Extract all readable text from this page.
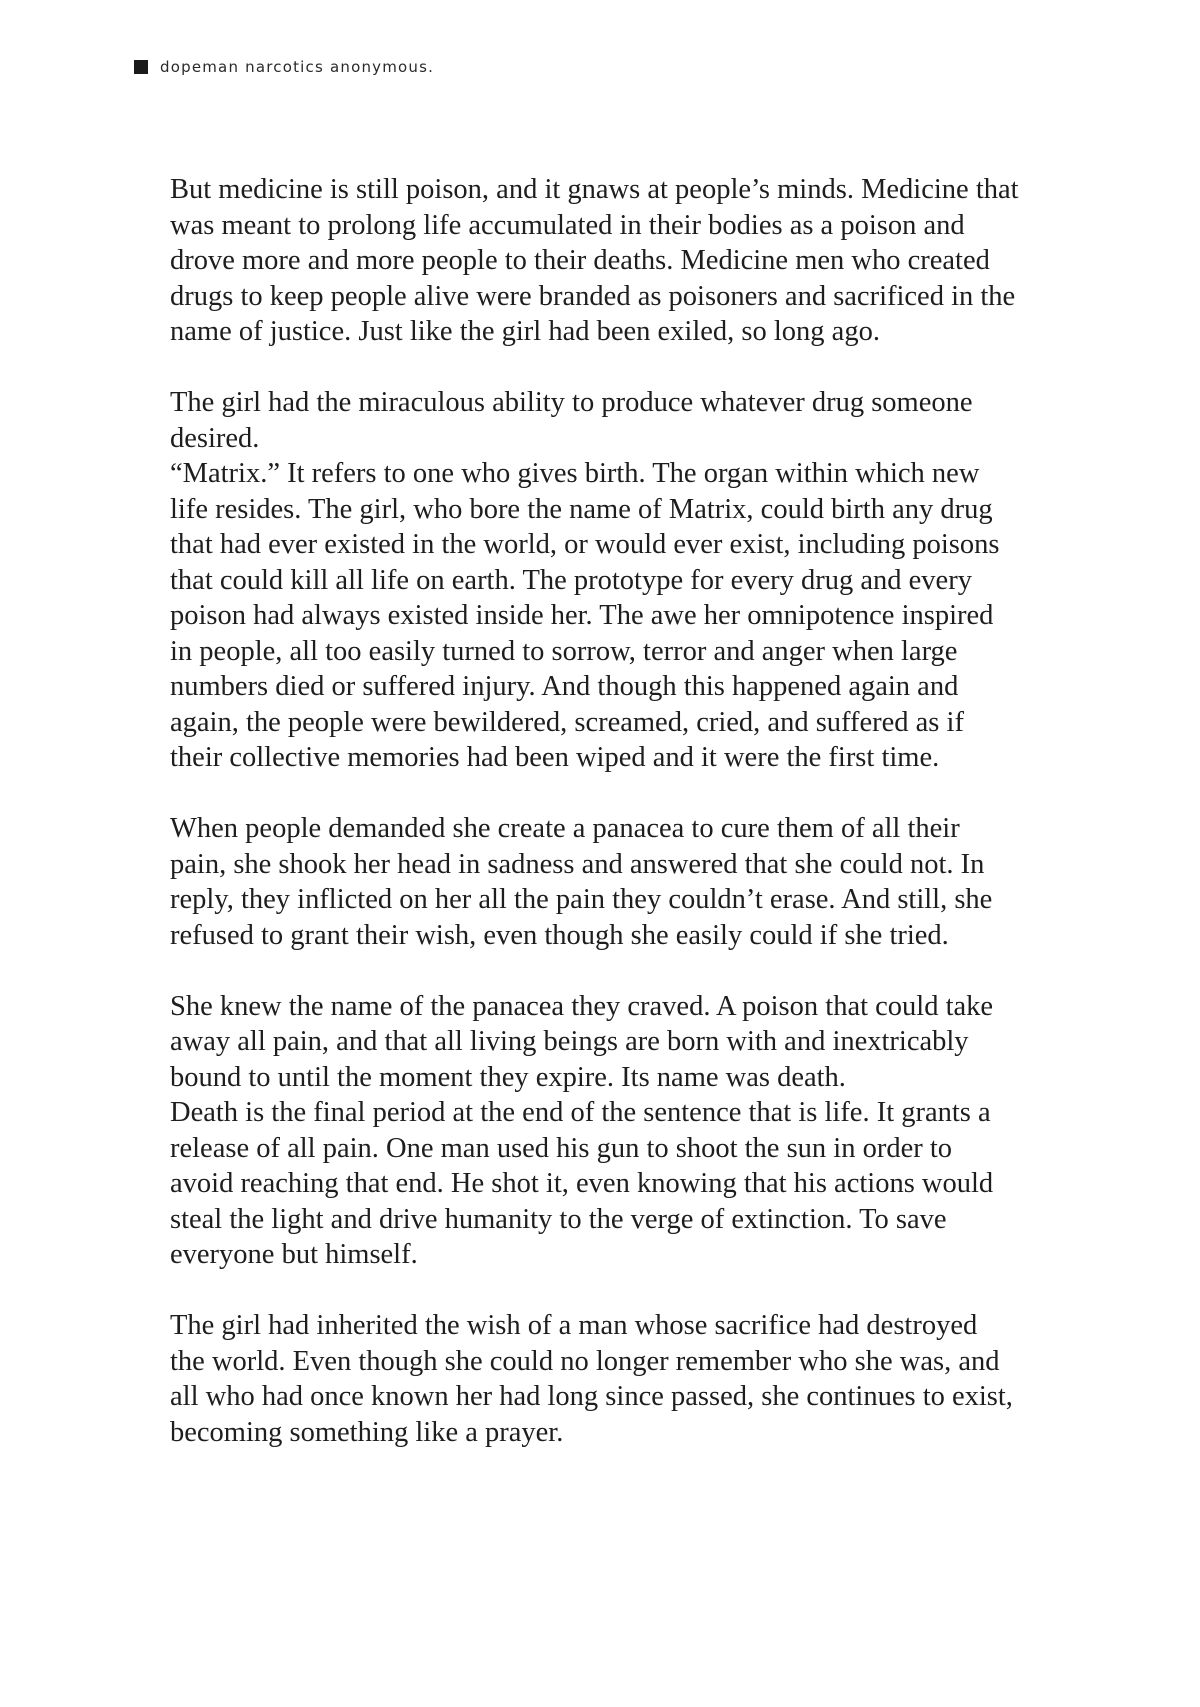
dopeman narcotics anonymous.

But medicine is still poison, and it gnaws at people’s minds. Medicine that
was meant to prolong life accumulated in their bodies as a poison and
drove more and more people to their deaths. Medicine men who created
drugs to keep people alive were branded as poisoners and sacrificed in the
name of justice. Just like the girl had been exiled, so long ago.

The girl had the miraculous ability to produce whatever drug someone
desired.
“Matrix.” It refers to one who gives birth. The organ within which new
life resides. The girl, who bore the name of Matrix, could birth any drug
that had ever existed in the world, or would ever exist, including poisons
that could kill all life on earth. The prototype for every drug and every
poison had always existed inside her. The awe her omnipotence inspired
in people, all too easily turned to sorrow, terror and anger when large
numbers died or suffered injury. And though this happened again and
again, the people were bewildered, screamed, cried, and suffered as if
their collective memories had been wiped and it were the first time.

When people demanded she create a panacea to cure them of all their
pain, she shook her head in sadness and answered that she could not. In
reply, they inflicted on her all the pain they couldn’t erase. And still, she
refused to grant their wish, even though she easily could if she tried.

She knew the name of the panacea they craved. A poison that could take
away all pain, and that all living beings are born with and inextricably
bound to until the moment they expire. Its name was death.
Death is the final period at the end of the sentence that is life. It grants a
release of all pain. One man used his gun to shoot the sun in order to
avoid reaching that end. He shot it, even knowing that his actions would
steal the light and drive humanity to the verge of extinction. To save
everyone but himself.

The girl had inherited the wish of a man whose sacrifice had destroyed
the world. Even though she could no longer remember who she was, and
all who had once known her had long since passed, she continues to exist,
becoming something like a prayer.
